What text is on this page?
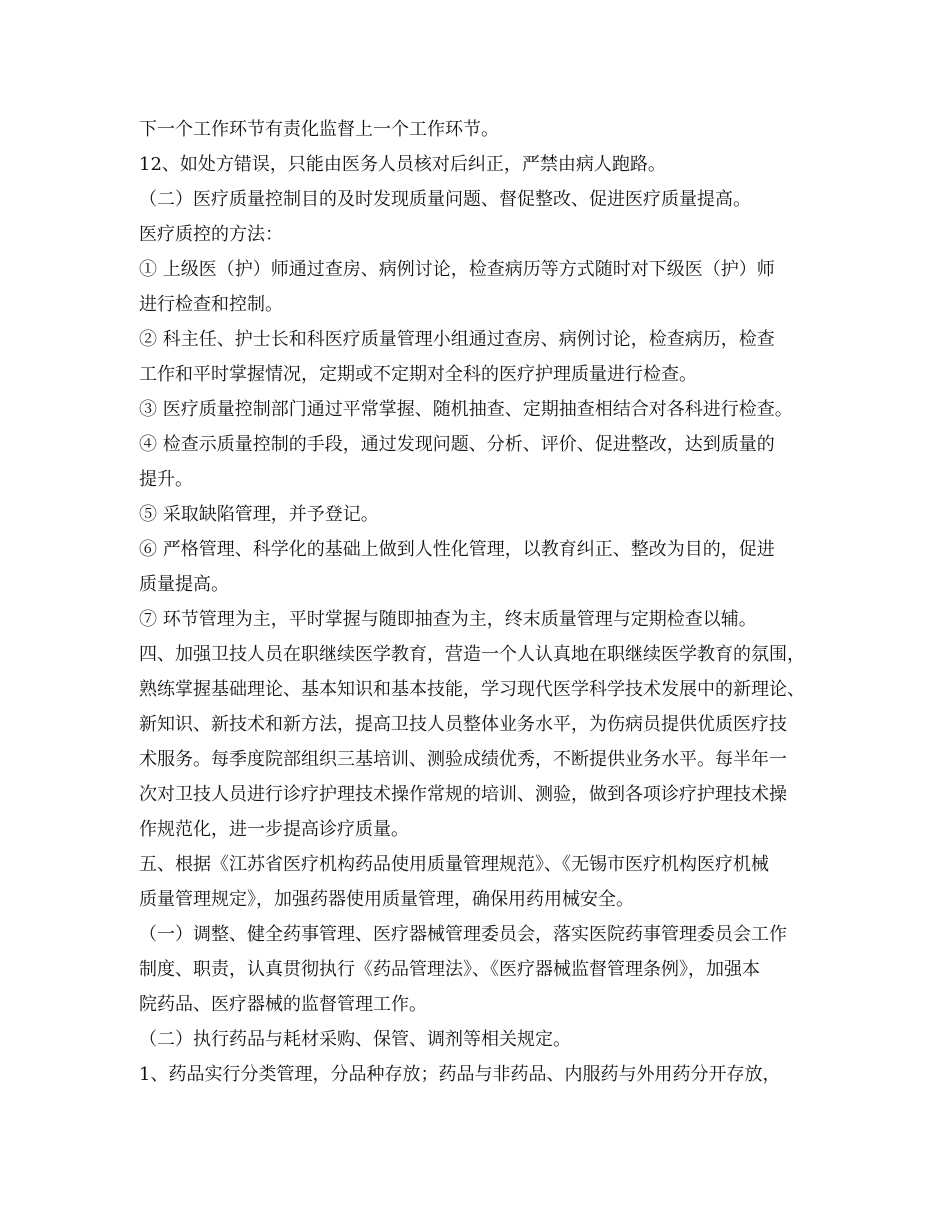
下一个工作环节有责化监督上一个工作环节。
12、如处方错误，只能由医务人员核对后纠正，严禁由病人跑路。
（二）医疗质量控制目的及时发现质量问题、督促整改、促进医疗质量提高。
医疗质控的方法：
① 上级医（护）师通过查房、病例讨论，检查病历等方式随时对下级医（护）师
进行检查和控制。
② 科主任、护士长和科医疗质量管理小组通过查房、病例讨论，检查病历，检查
工作和平时掌握情况，定期或不定期对全科的医疗护理质量进行检查。
③ 医疗质量控制部门通过平常掌握、随机抽查、定期抽查相结合对各科进行检查。
④ 检查示质量控制的手段，通过发现问题、分析、评价、促进整改，达到质量的
提升。
⑤ 采取缺陷管理，并予登记。
⑥ 严格管理、科学化的基础上做到人性化管理，以教育纠正、整改为目的，促进
质量提高。
⑦ 环节管理为主，平时掌握与随即抽查为主，终末质量管理与定期检查以辅。
四、加强卫技人员在职继续医学教育，营造一个人认真地在职继续医学教育的氛围，
熟练掌握基础理论、基本知识和基本技能，学习现代医学科学技术发展中的新理论、
新知识、新技术和新方法，提高卫技人员整体业务水平，为伤病员提供优质医疗技
术服务。每季度院部组织三基培训、测验成绩优秀，不断提供业务水平。每半年一
次对卫技人员进行诊疗护理技术操作常规的培训、测验，做到各项诊疗护理技术操
作规范化，进一步提高诊疗质量。
五、根据《江苏省医疗机构药品使用质量管理规范》、《无锡市医疗机构医疗机械
质量管理规定》，加强药器使用质量管理，确保用药用械安全。
（一）调整、健全药事管理、医疗器械管理委员会，落实医院药事管理委员会工作
制度、职责，认真贯彻执行《药品管理法》、《医疗器械监督管理条例》，加强本
院药品、医疗器械的监督管理工作。
（二）执行药品与耗材采购、保管、调剂等相关规定。
1、药品实行分类管理，分品种存放；药品与非药品、内服药与外用药分开存放，
